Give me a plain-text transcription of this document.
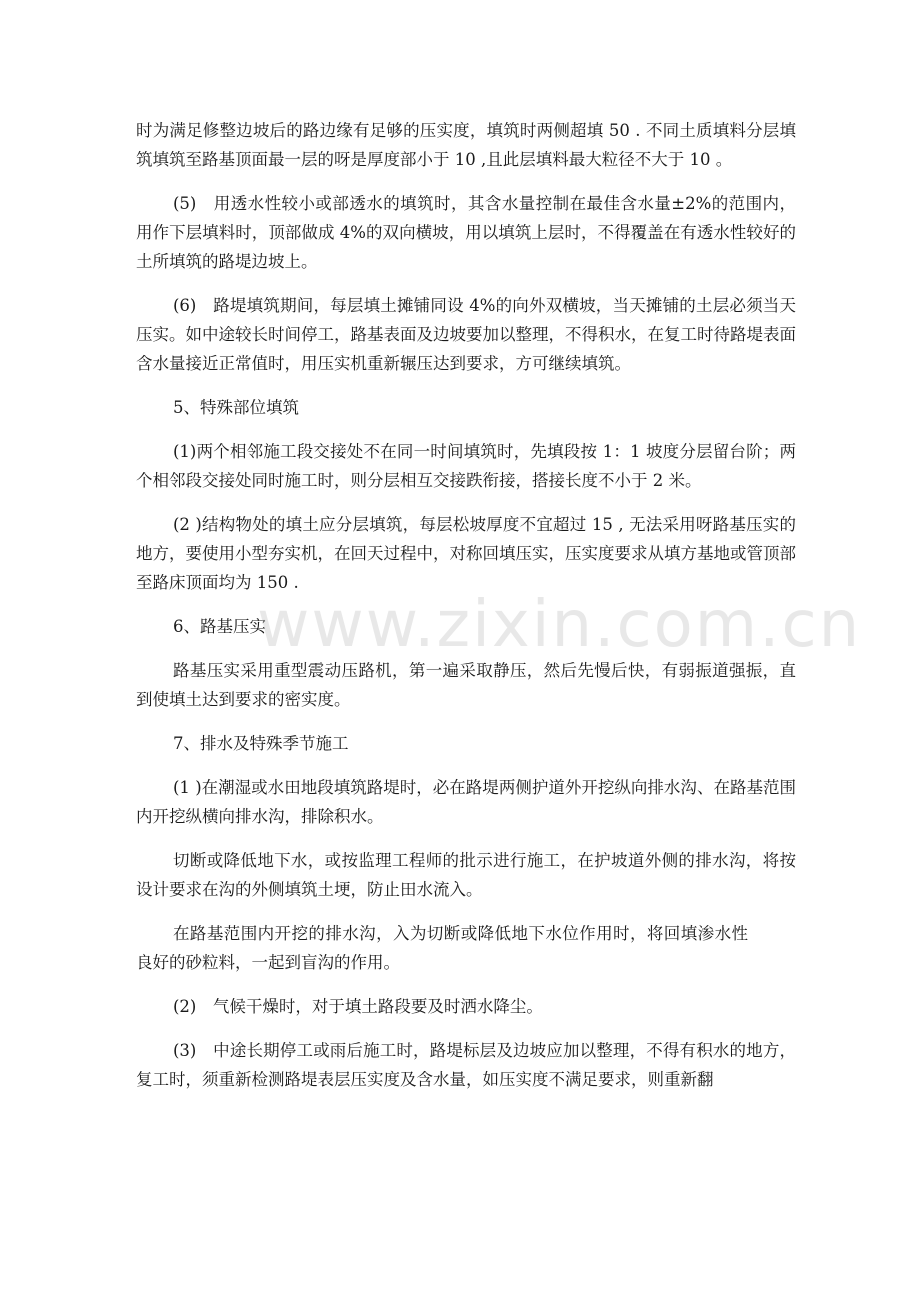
时为满足修整边坡后的路边缘有足够的压实度，填筑时两侧超填 50 . 不同土质填料分层填筑填筑至路基顶面最一层的呀是厚度部小于 10 ,且此层填料最大粒径不大于 10 。

(5)　用透水性较小或部透水的填筑时，其含水量控制在最佳含水量±2%的范围内，用作下层填料时，顶部做成 4%的双向横坡，用以填筑上层时，不得覆盖在有透水性较好的土所填筑的路堤边坡上。

(6)　路堤填筑期间，每层填土摊铺同设 4%的向外双横坡，当天摊铺的土层必须当天压实。如中途较长时间停工，路基表面及边坡要加以整理，不得积水，在复工时待路堤表面含水量接近正常值时，用压实机重新辗压达到要求，方可继续填筑。

5、特殊部位填筑

(1)两个相邻施工段交接处不在同一时间填筑时，先填段按 1：1 坡度分层留台阶；两个相邻段交接处同时施工时，则分层相互交接跌衔接，搭接长度不小于 2 米。

(2 )结构物处的填土应分层填筑，每层松坡厚度不宜超过 15 , 无法采用呀路基压实的地方，要使用小型夯实机，在回天过程中，对称回填压实，压实度要求从填方基地或管顶部至路床顶面均为 150 .

6、路基压实

路基压实采用重型震动压路机，第一遍采取静压，然后先慢后快，有弱振道强振，直到使填土达到要求的密实度。

7、排水及特殊季节施工

(1 )在潮湿或水田地段填筑路堤时，必在路堤两侧护道外开挖纵向排水沟、在路基范围内开挖纵横向排水沟，排除积水。

切断或降低地下水，或按监理工程师的批示进行施工，在护坡道外侧的排水沟，将按设计要求在沟的外侧填筑土埂，防止田水流入。

在路基范围内开挖的排水沟，入为切断或降低地下水位作用时，将回填渗水性良好的砂粒料，一起到盲沟的作用。

(2)　气候干燥时，对于填土路段要及时洒水降尘。

(3)　中途长期停工或雨后施工时，路堤标层及边坡应加以整理，不得有积水的地方，复工时，须重新检测路堤表层压实度及含水量，如压实度不满足要求，则重新翻

www.zixin.com.cn
